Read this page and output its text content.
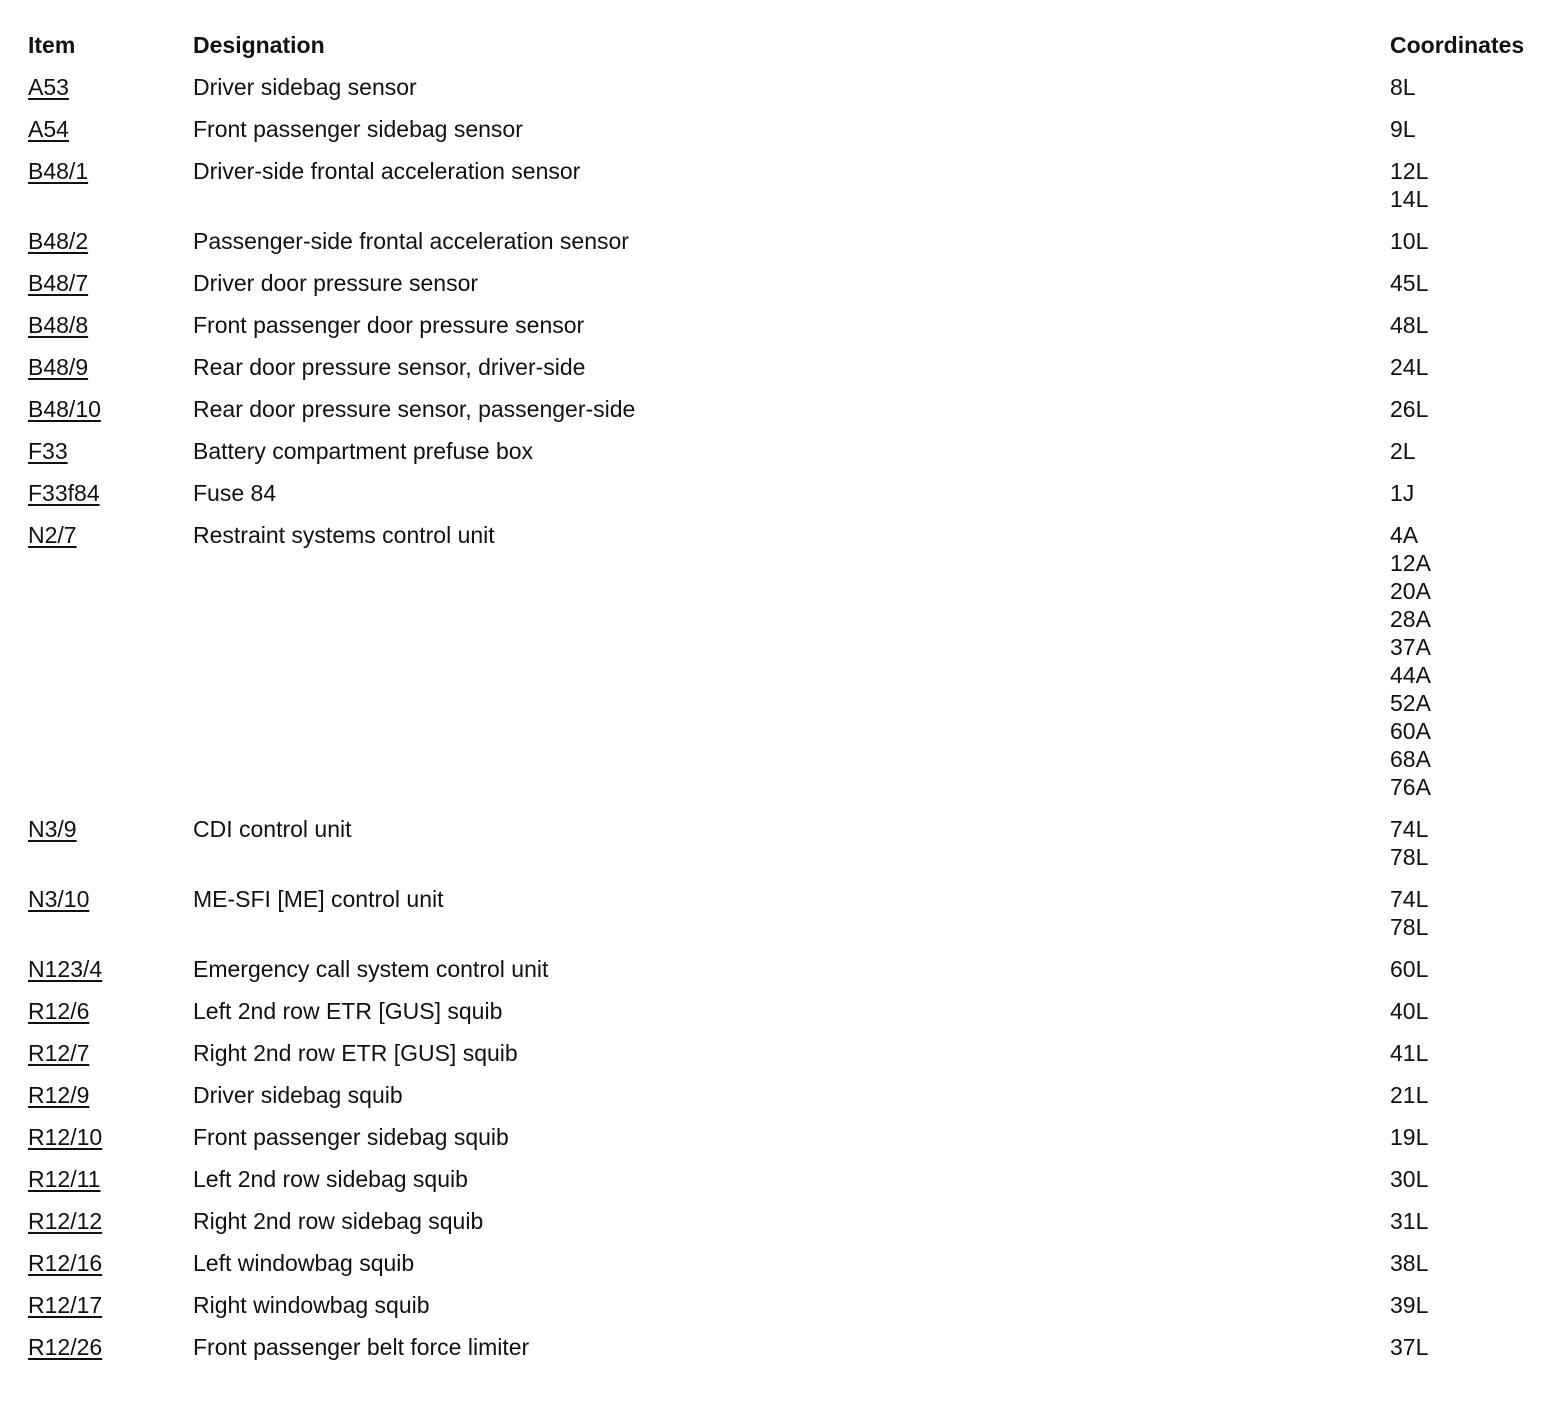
Item	Designation	Coordinates
A53	Driver sidebag sensor	8L
A54	Front passenger sidebag sensor	9L
B48/1	Driver-side frontal acceleration sensor	12L
14L
B48/2	Passenger-side frontal acceleration sensor	10L
B48/7	Driver door pressure sensor	45L
B48/8	Front passenger door pressure sensor	48L
B48/9	Rear door pressure sensor, driver-side	24L
B48/10	Rear door pressure sensor, passenger-side	26L
F33	Battery compartment prefuse box	2L
F33f84	Fuse 84	1J
N2/7	Restraint systems control unit	4A
12A
20A
28A
37A
44A
52A
60A
68A
76A
N3/9	CDI control unit	74L
78L
N3/10	ME-SFI [ME] control unit	74L
78L
N123/4	Emergency call system control unit	60L
R12/6	Left 2nd row ETR [GUS] squib	40L
R12/7	Right 2nd row ETR [GUS] squib	41L
R12/9	Driver sidebag squib	21L
R12/10	Front passenger sidebag squib	19L
R12/11	Left 2nd row sidebag squib	30L
R12/12	Right 2nd row sidebag squib	31L
R12/16	Left windowbag squib	38L
R12/17	Right windowbag squib	39L
R12/26	Front passenger belt force limiter	37L
